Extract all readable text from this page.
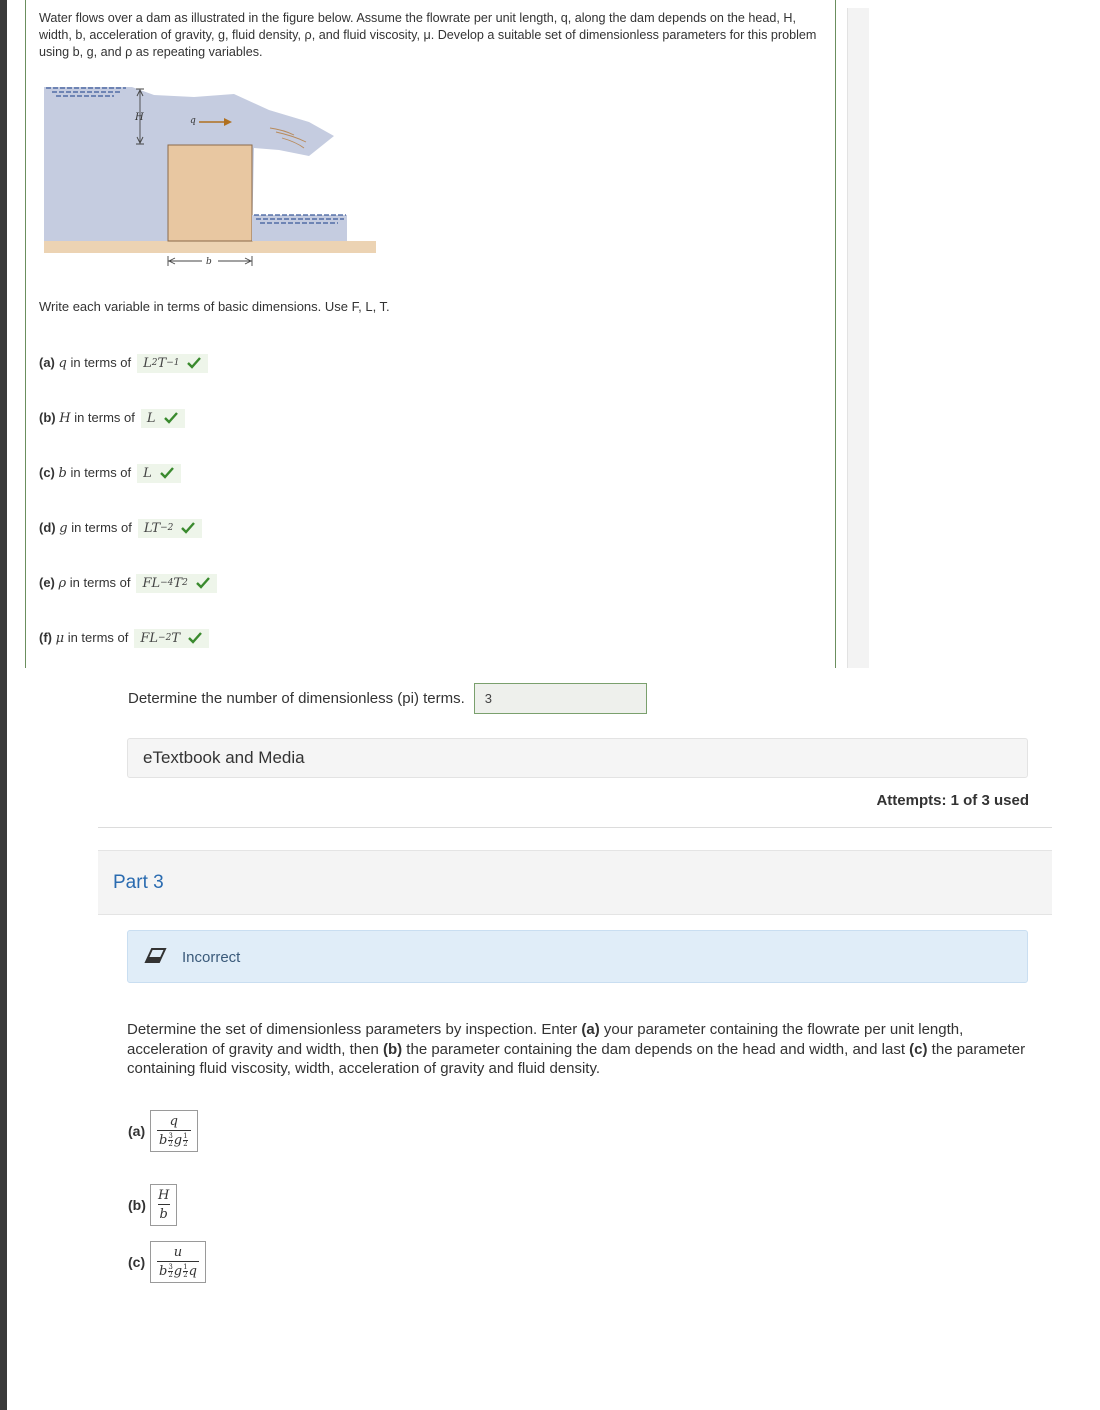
Water flows over a dam as illustrated in the figure below. Assume the flowrate per unit length, q, along the dam depends on the head, H, width, b, acceleration of gravity, g, fluid density, ρ, and fluid viscosity, μ. Develop a suitable set of dimensionless parameters for this problem using b, g, and ρ as repeating variables.
H	q
b
Write each variable in terms of basic dimensions. Use F, L, T.
(a) q in terms of L 2 T −1
(b) H in terms of L
(c) b in terms of L
(d) g in terms of LT −2
(e) ρ in terms of FL −4 T 2
(f) μ in terms of FL −2 T
Determine the number of dimensionless (pi) terms.	3
eTextbook and Media
Attempts: 1 of 3 used
Part 3
Incorrect
Determine the set of dimensionless parameters by inspection. Enter (a) your parameter containing the flowrate per unit length, acceleration of gravity and width, then (b) the parameter containing the dam depends on the head and width, and last (c) the parameter containing fluid viscosity, width, acceleration of gravity and fluid density.
$(a) \frac{q}{b \frac{3}{2} g \frac{1}{2}}$
$(b) \frac{H}{b}$
$(c) \frac{u}{b \frac{3}{2} g \frac{1}{2} q}$
